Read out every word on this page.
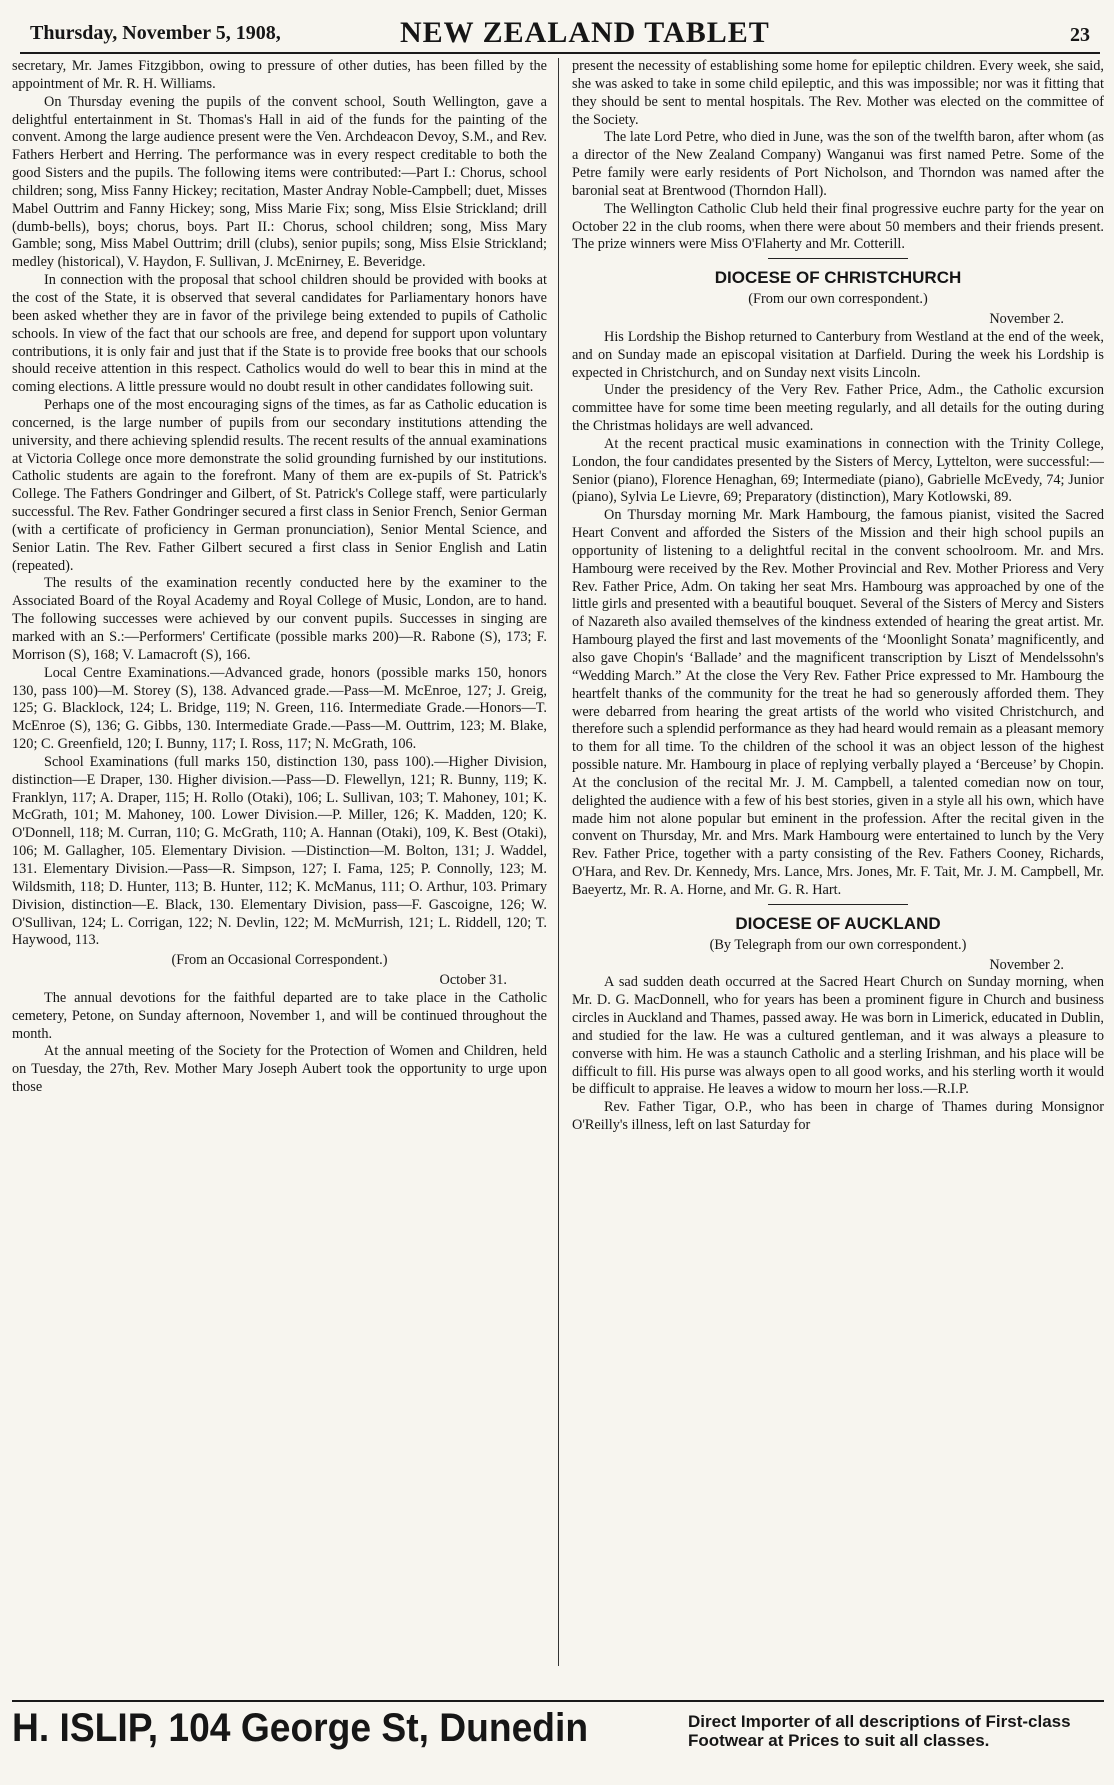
Thursday, November 5, 1908,	NEW ZEALAND TABLET	23

secretary, Mr. James Fitzgibbon, owing to pressure of other duties, has been filled by the appointment of Mr. R. H. Williams.

On Thursday evening the pupils of the convent school, South Wellington, gave a delightful entertainment in St. Thomas's Hall in aid of the funds for the painting of the convent. Among the large audience present were the Ven. Archdeacon Devoy, S.M., and Rev. Fathers Herbert and Herring. The performance was in every respect creditable to both the good Sisters and the pupils. The following items were contributed:—Part I.: Chorus, school children; song, Miss Fanny Hickey; recitation, Master Andray Noble-Campbell; duet, Misses Mabel Outtrim and Fanny Hickey; song, Miss Marie Fix; song, Miss Elsie Strickland; drill (dumb-bells), boys; chorus, boys. Part II.: Chorus, school children; song, Miss Mary Gamble; song, Miss Mabel Outtrim; drill (clubs), senior pupils; song, Miss Elsie Strickland; medley (historical), V. Haydon, F. Sullivan, J. McEnirney, E. Beveridge.

In connection with the proposal that school children should be provided with books at the cost of the State, it is observed that several candidates for Parliamentary honors have been asked whether they are in favor of the privilege being extended to pupils of Catholic schools. In view of the fact that our schools are free, and depend for support upon voluntary contributions, it is only fair and just that if the State is to provide free books that our schools should receive attention in this respect. Catholics would do well to bear this in mind at the coming elections. A little pressure would no doubt result in other candidates following suit.

Perhaps one of the most encouraging signs of the times, as far as Catholic education is concerned, is the large number of pupils from our secondary institutions attending the university, and there achieving splendid results. The recent results of the annual examinations at Victoria College once more demonstrate the solid grounding furnished by our institutions. Catholic students are again to the forefront. Many of them are ex-pupils of St. Patrick's College. The Fathers Gondringer and Gilbert, of St. Patrick's College staff, were particularly successful. The Rev. Father Gondringer secured a first class in Senior French, Senior German (with a certificate of proficiency in German pronunciation), Senior Mental Science, and Senior Latin. The Rev. Father Gilbert secured a first class in Senior English and Latin (repeated).

The results of the examination recently conducted here by the examiner to the Associated Board of the Royal Academy and Royal College of Music, London, are to hand. The following successes were achieved by our convent pupils. Successes in singing are marked with an S.:—Performers' Certificate (possible marks 200)—R. Rabone (S), 173; F. Morrison (S), 168; V. Lamacroft (S), 166.

Local Centre Examinations.—Advanced grade, honors (possible marks 150, honors 130, pass 100)—M. Storey (S), 138. Advanced grade.—Pass—M. McEnroe, 127; J. Greig, 125; G. Blacklock, 124; L. Bridge, 119; N. Green, 116. Intermediate Grade.—Honors—T. McEnroe (S), 136; G. Gibbs, 130. Intermediate Grade.—Pass—M. Outtrim, 123; M. Blake, 120; C. Greenfield, 120; I. Bunny, 117; I. Ross, 117; N. McGrath, 106.

School Examinations (full marks 150, distinction 130, pass 100).—Higher Division, distinction—E Draper, 130. Higher division.—Pass—D. Flewellyn, 121; R. Bunny, 119; K. Franklyn, 117; A. Draper, 115; H. Rollo (Otaki), 106; L. Sullivan, 103; T. Mahoney, 101; K. McGrath, 101; M. Mahoney, 100. Lower Division.—P. Miller, 126; K. Madden, 120; K. O'Donnell, 118; M. Curran, 110; G. McGrath, 110; A. Hannan (Otaki), 109, K. Best (Otaki), 106; M. Gallagher, 105. Elementary Division. —Distinction—M. Bolton, 131; J. Waddel, 131. Elementary Division.—Pass—R. Simpson, 127; I. Fama, 125; P. Connolly, 123; M. Wildsmith, 118; D. Hunter, 113; B. Hunter, 112; K. McManus, 111; O. Arthur, 103. Primary Division, distinction—E. Black, 130. Elementary Division, pass—F. Gascoigne, 126; W. O'Sullivan, 124; L. Corrigan, 122; N. Devlin, 122; M. McMurrish, 121; L. Riddell, 120; T. Haywood, 113.

(From an Occasional Correspondent.)

October 31.

The annual devotions for the faithful departed are to take place in the Catholic cemetery, Petone, on Sunday afternoon, November 1, and will be continued throughout the month.

At the annual meeting of the Society for the Protection of Women and Children, held on Tuesday, the 27th, Rev. Mother Mary Joseph Aubert took the opportunity to urge upon those

present the necessity of establishing some home for epileptic children. Every week, she said, she was asked to take in some child epileptic, and this was impossible; nor was it fitting that they should be sent to mental hospitals. The Rev. Mother was elected on the committee of the Society.

The late Lord Petre, who died in June, was the son of the twelfth baron, after whom (as a director of the New Zealand Company) Wanganui was first named Petre. Some of the Petre family were early residents of Port Nicholson, and Thorndon was named after the baronial seat at Brentwood (Thorndon Hall).

The Wellington Catholic Club held their final progressive euchre party for the year on October 22 in the club rooms, when there were about 50 members and their friends present. The prize winners were Miss O'Flaherty and Mr. Cotterill.

DIOCESE OF CHRISTCHURCH

(From our own correspondent.)

November 2.

His Lordship the Bishop returned to Canterbury from Westland at the end of the week, and on Sunday made an episcopal visitation at Darfield. During the week his Lordship is expected in Christchurch, and on Sunday next visits Lincoln.

Under the presidency of the Very Rev. Father Price, Adm., the Catholic excursion committee have for some time been meeting regularly, and all details for the outing during the Christmas holidays are well advanced.

At the recent practical music examinations in connection with the Trinity College, London, the four candidates presented by the Sisters of Mercy, Lyttelton, were successful:—Senior (piano), Florence Henaghan, 69; Intermediate (piano), Gabrielle McEvedy, 74; Junior (piano), Sylvia Le Lievre, 69; Preparatory (distinction), Mary Kotlowski, 89.

On Thursday morning Mr. Mark Hambourg, the famous pianist, visited the Sacred Heart Convent and afforded the Sisters of the Mission and their high school pupils an opportunity of listening to a delightful recital in the convent schoolroom. Mr. and Mrs. Hambourg were received by the Rev. Mother Provincial and Rev. Mother Prioress and Very Rev. Father Price, Adm. On taking her seat Mrs. Hambourg was approached by one of the little girls and presented with a beautiful bouquet. Several of the Sisters of Mercy and Sisters of Nazareth also availed themselves of the kindness extended of hearing the great artist. Mr. Hambourg played the first and last movements of the ‘Moonlight Sonata’ magnificently, and also gave Chopin's ‘Ballade’ and the magnificent transcription by Liszt of Mendelssohn's “Wedding March.” At the close the Very Rev. Father Price expressed to Mr. Hambourg the heartfelt thanks of the community for the treat he had so generously afforded them. They were debarred from hearing the great artists of the world who visited Christchurch, and therefore such a splendid performance as they had heard would remain as a pleasant memory to them for all time. To the children of the school it was an object lesson of the highest possible nature. Mr. Hambourg in place of replying verbally played a ‘Berceuse’ by Chopin. At the conclusion of the recital Mr. J. M. Campbell, a talented comedian now on tour, delighted the audience with a few of his best stories, given in a style all his own, which have made him not alone popular but eminent in the profession. After the recital given in the convent on Thursday, Mr. and Mrs. Mark Hambourg were entertained to lunch by the Very Rev. Father Price, together with a party consisting of the Rev. Fathers Cooney, Richards, O'Hara, and Rev. Dr. Kennedy, Mrs. Lance, Mrs. Jones, Mr. F. Tait, Mr. J. M. Campbell, Mr. Baeyertz, Mr. R. A. Horne, and Mr. G. R. Hart.

DIOCESE OF AUCKLAND

(By Telegraph from our own correspondent.)

November 2.

A sad sudden death occurred at the Sacred Heart Church on Sunday morning, when Mr. D. G. MacDonnell, who for years has been a prominent figure in Church and business circles in Auckland and Thames, passed away. He was born in Limerick, educated in Dublin, and studied for the law. He was a cultured gentleman, and it was always a pleasure to converse with him. He was a staunch Catholic and a sterling Irishman, and his place will be difficult to fill. His purse was always open to all good works, and his sterling worth it would be difficult to appraise. He leaves a widow to mourn her loss.—R.I.P.

Rev. Father Tigar, O.P., who has been in charge of Thames during Monsignor O'Reilly's illness, left on last Saturday for

H. ISLIP, 104 George St, Dunedin	Direct Importer of all descriptions of First-class Footwear at Prices to suit all classes.
